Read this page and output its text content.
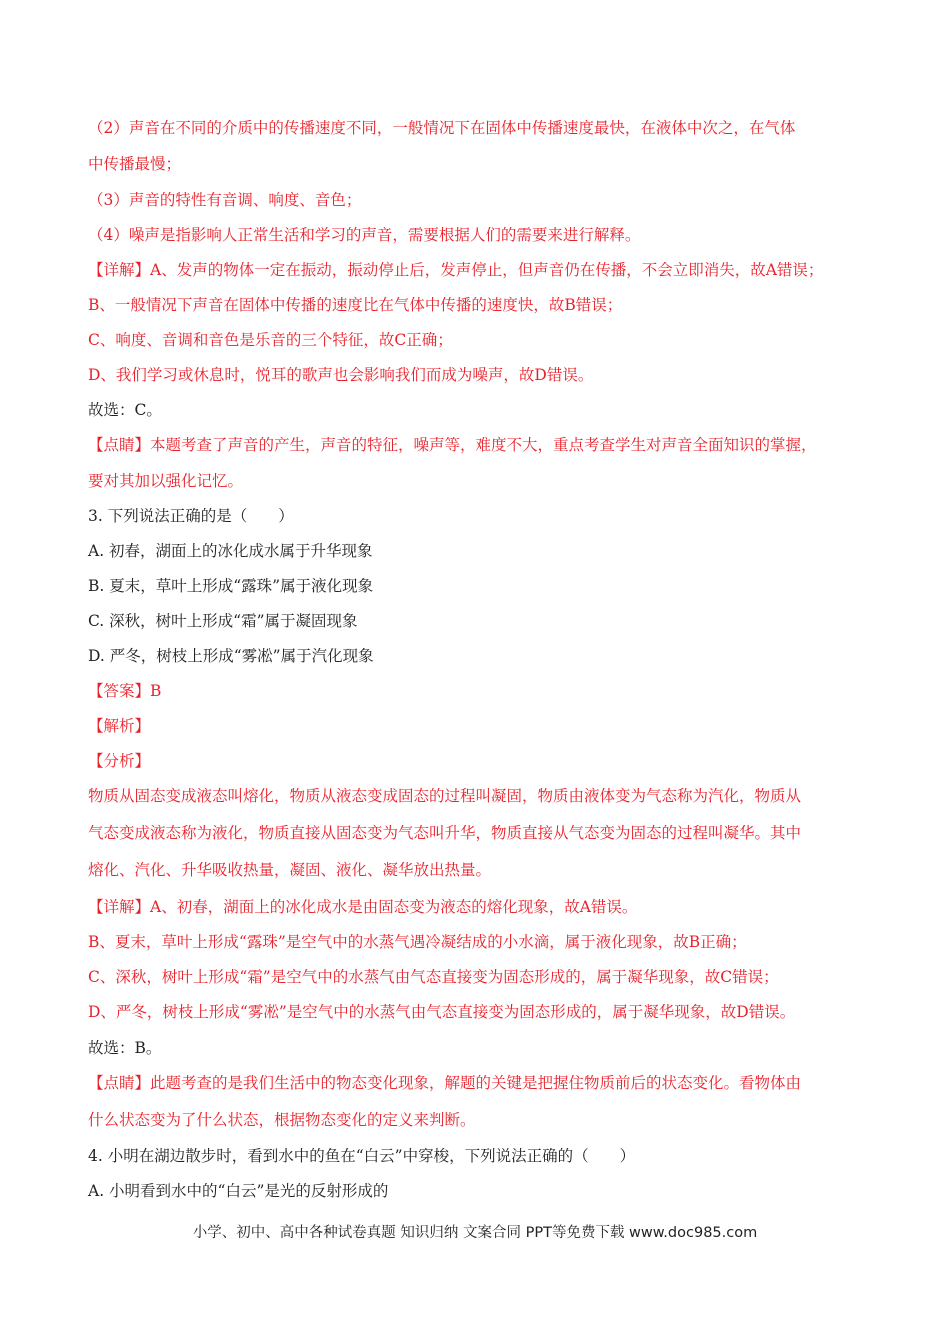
（2）声音在不同的介质中的传播速度不同，一般情况下在固体中传播速度最快，在液体中次之，在气体
中传播最慢；
（3）声音的特性有音调、响度、音色；
（4）噪声是指影响人正常生活和学习的声音，需要根据人们的需要来进行解释。
【详解】A、发声的物体一定在振动，振动停止后，发声停止，但声音仍在传播，不会立即消失，故A错误；
B、一般情况下声音在固体中传播的速度比在气体中传播的速度快，故B错误；
C、响度、音调和音色是乐音的三个特征，故C正确；
D、我们学习或休息时，悦耳的歌声也会影响我们而成为噪声，故D错误。
故选：C。
【点睛】本题考查了声音的产生，声音的特征，噪声等，难度不大，重点考查学生对声音全面知识的掌握，
要对其加以强化记忆。
3. 下列说法正确的是（　　）
A. 初春，湖面上的冰化成水属于升华现象
B. 夏末，草叶上形成“露珠”属于液化现象
C. 深秋，树叶上形成“霜”属于凝固现象
D. 严冬，树枝上形成“雾凇”属于汽化现象
【答案】B
【解析】
【分析】
物质从固态变成液态叫熔化，物质从液态变成固态的过程叫凝固，物质由液体变为气态称为汽化，物质从
气态变成液态称为液化，物质直接从固态变为气态叫升华，物质直接从气态变为固态的过程叫凝华。其中
熔化、汽化、升华吸收热量，凝固、液化、凝华放出热量。
【详解】A、初春，湖面上的冰化成水是由固态变为液态的熔化现象，故A错误。
B、夏末，草叶上形成“露珠”是空气中的水蒸气遇冷凝结成的小水滴，属于液化现象，故B正确；
C、深秋，树叶上形成“霜”是空气中的水蒸气由气态直接变为固态形成的，属于凝华现象，故C错误；
D、严冬，树枝上形成“雾凇”是空气中的水蒸气由气态直接变为固态形成的，属于凝华现象，故D错误。
故选：B。
【点睛】此题考查的是我们生活中的物态变化现象，解题的关键是把握住物质前后的状态变化。看物体由
什么状态变为了什么状态，根据物态变化的定义来判断。
4. 小明在湖边散步时，看到水中的鱼在“白云”中穿梭，下列说法正确的（　　）
A. 小明看到水中的“白云”是光的反射形成的
小学、初中、高中各种试卷真题 知识归纳 文案合同 PPT等免费下载 www.doc985.com
